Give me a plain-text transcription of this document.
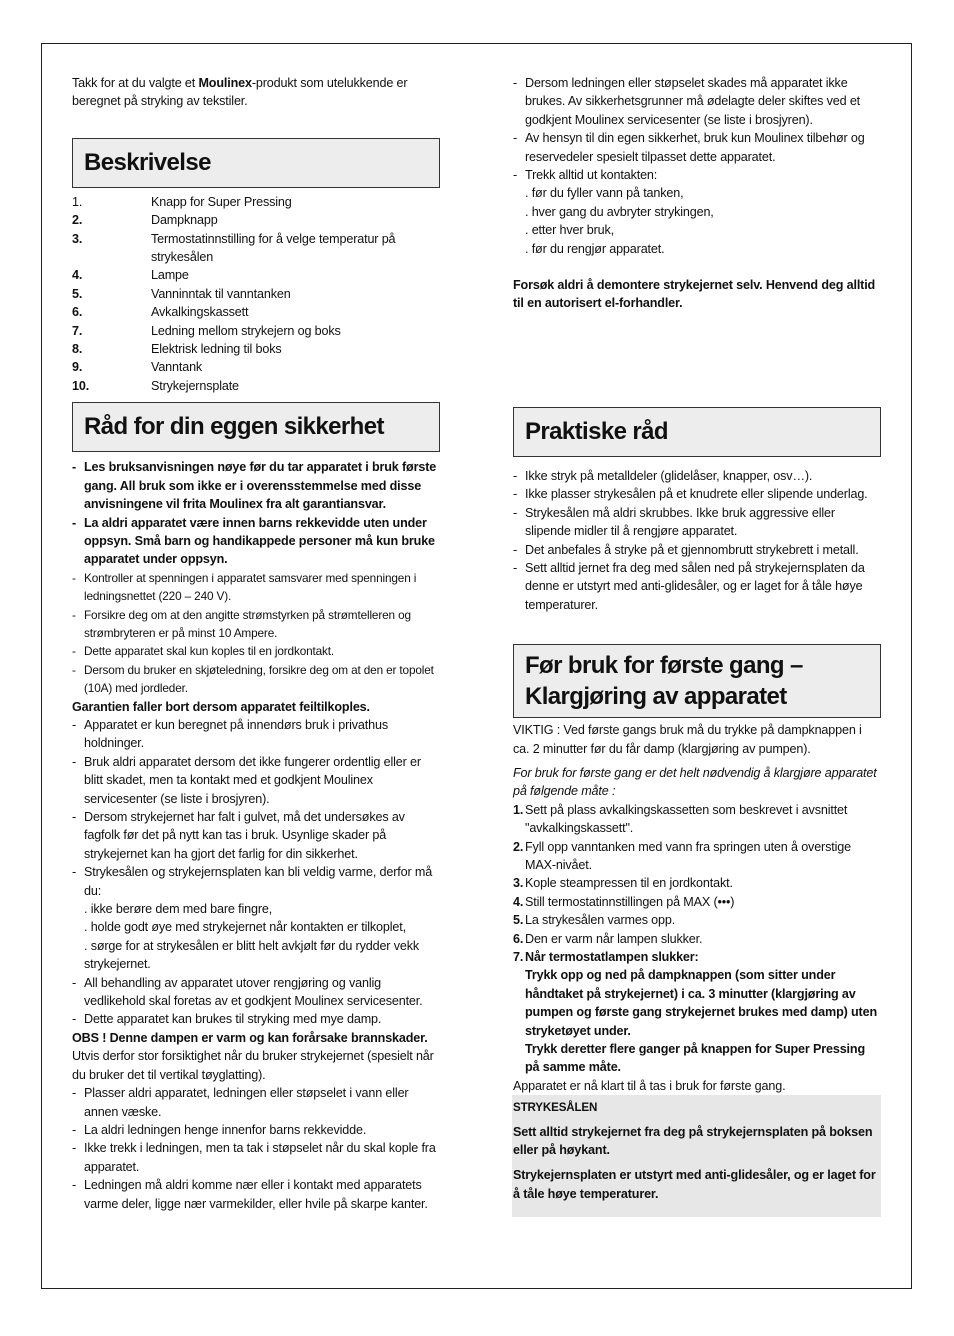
Takk for at du valgte et Moulinex-produkt som utelukkende er beregnet på stryking av tekstiler.

Beskrivelse
1.	Knapp for Super Pressing
2.	Dampknapp
3.	Termostatinnstilling for å velge temperatur på strykesålen
4.	Lampe
5.	Vanninntak til vanntanken
6.	Avkalkingskassett
7.	Ledning mellom strykejern og boks
8.	Elektrisk ledning til boks
9.	Vanntank
10.	Strykejernsplate
Råd for din eggen sikkerhet
- Les bruksanvisningen nøye før du tar apparatet i bruk første gang. All bruk som ikke er i overensstemmelse med disse anvisningene vil frita Moulinex fra alt garantiansvar.
- La aldri apparatet være innen barns rekkevidde uten under oppsyn. Små barn og handikappede personer må kun bruke apparatet under oppsyn.
- Kontroller at spenningen i apparatet samsvarer med spenningen i ledningsnettet (220 – 240 V).
- Forsikre deg om at den angitte strømstyrken på strømtelleren og strømbryteren er på minst 10 Ampere.
- Dette apparatet skal kun koples til en jordkontakt.
- Dersom du bruker en skjøteledning, forsikre deg om at den er topolet (10A) med jordleder.

Garantien faller bort dersom apparatet feiltilkoples.

- Apparatet er kun beregnet på innendørs bruk i privathus holdninger.
- Bruk aldri apparatet dersom det ikke fungerer ordentlig eller er blitt skadet, men ta kontakt med et godkjent Moulinex servicesenter (se liste i brosjyren).
- Dersom strykejernet har falt i gulvet, må det undersøkes av fagfolk før det på nytt kan tas i bruk. Usynlige skader på strykejernet kan ha gjort det farlig for din sikkerhet.
- Strykesålen og strykejernsplaten kan bli veldig varme, derfor må du:

. ikke berøre dem med bare fingre,

. holde godt øye med strykejernet når kontakten er tilkoplet,

. sørge for at strykesålen er blitt helt avkjølt før du rydder vekk strykejernet.

- All behandling av apparatet utover rengjøring og vanlig vedlikehold skal foretas av et godkjent Moulinex servicesenter.
- Dette apparatet kan brukes til stryking med mye damp.

OBS ! Denne dampen er varm og kan forårsake brannskader.

Utvis derfor stor forsiktighet når du bruker strykejernet (spesielt når du bruker det til vertikal tøyglatting).

- Plasser aldri apparatet, ledningen eller støpselet i vann eller annen væske.
- La aldri ledningen henge innenfor barns rekkevidde.
- Ikke trekk i ledningen, men ta tak i støpselet når du skal kople fra apparatet.
- Ledningen må aldri komme nær eller i kontakt med apparatets varme deler, ligge nær varmekilder, eller hvile på skarpe kanter.
- Dersom ledningen eller støpselet skades må apparatet ikke brukes. Av sikkerhetsgrunner må ødelagte deler skiftes ved et godkjent Moulinex servicesenter (se liste i brosjyren).
- Av hensyn til din egen sikkerhet, bruk kun Moulinex tilbehør og reservedeler spesielt tilpasset dette apparatet.
- Trekk alltid ut kontakten:

. før du fyller vann på tanken,

. hver gang du avbryter strykingen,

. etter hver bruk,

. før du rengjør apparatet.

Forsøk aldri å demontere strykejernet selv. Henvend deg alltid til en autorisert el-forhandler.

Praktiske råd
- Ikke stryk på metalldeler (glidelåser, knapper, osv…).
- Ikke plasser strykesålen på et knudrete eller slipende underlag.
- Strykesålen må aldri skrubbes. Ikke bruk aggressive eller slipende midler til å rengjøre apparatet.
- Det anbefales å stryke på et gjennombrutt strykebrett i metall.
- Sett alltid jernet fra deg med sålen ned på strykejernsplaten da denne er utstyrt med anti-glidesåler, og er laget for å tåle høye temperaturer.
Før bruk for første gang –
Klargjøring av apparatet

VIKTIG : Ved første gangs bruk må du trykke på dampknappen i ca. 2 minutter før du får damp (klargjøring av pumpen).

For bruk for første gang er det helt nødvendig å klargjøre apparatet på følgende måte :

1. Sett på plass avkalkingskassetten som beskrevet i avsnittet "avkalkingskassett".
2. Fyll opp vanntanken med vann fra springen uten å overstige MAX-nivået.
3. Kople steampressen til en jordkontakt.
4. Still termostatinnstillingen på MAX (•••)
5. La strykesålen varmes opp.
6. Den er varm når lampen slukker.
7. Når termostatlampen slukker:

Trykk opp og ned på dampknappen (som sitter under håndtaket på strykejernet) i ca. 3 minutter (klargjøring av pumpen og første gang strykejernet brukes med damp) uten stryketøyet under.

Trykk deretter flere ganger på knappen for Super Pressing på samme måte.

Apparatet er nå klart til å tas i bruk for første gang.

STRYKESÅLEN

Sett alltid strykejernet fra deg på strykejernsplaten på boksen eller på høykant.

Strykejernsplaten er utstyrt med anti-glidesåler, og er laget for å tåle høye temperaturer.
